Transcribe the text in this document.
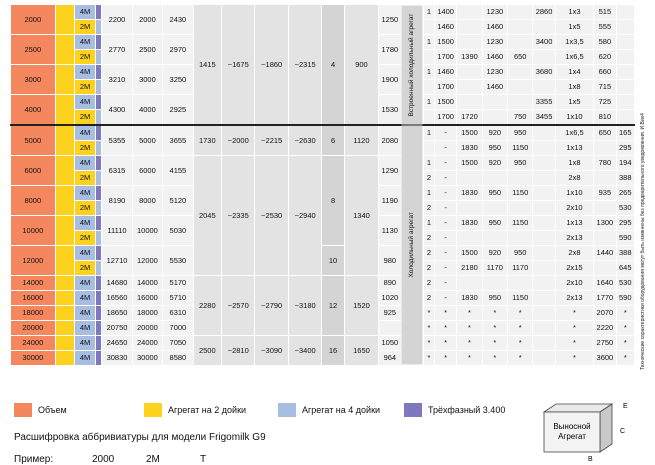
2000		4M		2200	2000	2430	1415	~1675	~1860	~2315	4	900	1250	Встроенный холодильный агрегат	1	1400		1230		2860	1x3	515	
		2M														1460		1460			1x5	555	
2500		4M		2770	2500	2970							1780		1	1500		1230		3400	1x3,5	580	
		2M														1700	1390	1460	650		1x6,5	620	
3000		4M		3210	3000	3250							1900		1	1460		1230		3680	1x4	660	
		2M														1700		1460			1x8	715	
4000		4M		4300	4000	2925							1530		1	1500				3355	1x5	725	
		2M														1700	1720		750	3455	1x10	810	
5000		4M		5355	5000	3655	1730	~2000	~2215	~2630	6	1120	2080	Холодильный агрегат	1	-	1500	920	950		1x6,5	650	165
		2M														-	1830	950	1150		1x13		295
6000		4M		6315	6000	4155	2045	~2335	~2530	~2940	8	1340	1290		1	-	1500	920	950		1x8	780	194
		2M													2	-					2x8		388
8000		4M		8190	8000	5120							1190		1	-	1830	950	1150		1x10	935	265
		2M													2	-					2x10		530
10000		4M		11110	10000	5030							1130		1	-	1830	950	1150		1x13	1300	295
		2M													2	-					2x13		590
12000		4M		12710	12000	5530					10		980		2	-	1500	920	950		2x8	1440	388
		2M													2	-	2180	1170	1170		2x15		645
14000		4M		14680	14000	5170	2280	~2570	~2790	~3180	12	1520	890		2	-					2x10	1640	530
16000		4M		16560	16000	5710							1020		2	-	1830	950	1150		2x13	1770	590
18000		4M		18650	18000	6310							925		*	*	*	*	*		*	2070	*
20000		4M		20750	20000	7000									*	*	*	*	*		*	2220	*
24000		4M		24650	24000	7050	2500	~2810	~3090	~3400	16	1650	1050		*	*	*	*	*		*	2750	*
30000		4M		30830	30000	8580							964		*	*	*	*	*		*	3600	*	Технические характеристики оборудования могут быть изменены без предварительного уведомления. И.Вих4
Объем	Агрегат на 2 дойки	Агрегат на 4 дойки	Трёхфазный 3.400
Расшифровка аббривиатуры для модели Frigomilk G9
Пример:	2000	2M	T
Выносной
Агрегат
E
C
B
